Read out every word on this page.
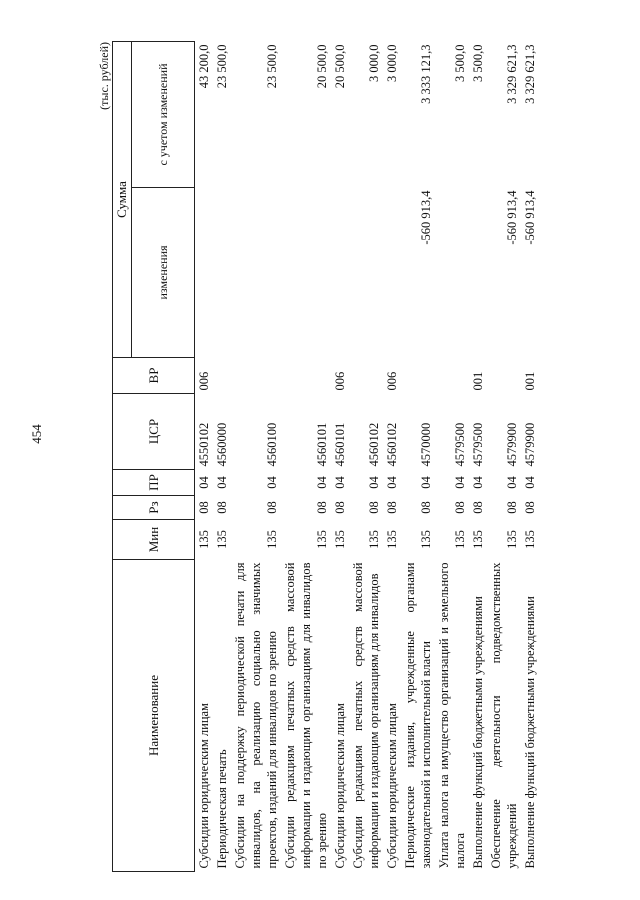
454
(тыс. рублей)
Наименование	Мин	Рз	ПР	ЦСР	ВР	Сумма	
						изменения	с учетом изменений
Субсидии юридическим лицам	135	08	04	4550102	006		43 200,0
Периодическая печать	135	08	04	4560000			23 500,0
Субсидии на поддержку периодической печати для инвалидов, на реализацию социально значимых проектов, изданий для инвалидов по зрению	135	08	04	4560100			23 500,0
Субсидии редакциям печатных средств массовой информации и издающим организациям для инвалидов по зрению	135	08	04	4560101			20 500,0
Субсидии юридическим лицам	135	08	04	4560101	006		20 500,0
Субсидии редакциям печатных средств массовой информации и издающим организациям для инвалидов	135	08	04	4560102			3 000,0
Субсидии юридическим лицам	135	08	04	4560102	006		3 000,0
Периодические издания, учрежденные органами законодательной и исполнительной власти	135	08	04	4570000		-560 913,4	3 333 121,3
Уплата налога на имущество организаций и земельного налога	135	08	04	4579500			3 500,0
Выполнение функций бюджетными учреждениями	135	08	04	4579500	001		3 500,0
Обеспечение деятельности подведомственных учреждений	135	08	04	4579900		-560 913,4	3 329 621,3
Выполнение функций бюджетными учреждениями	135	08	04	4579900	001	-560 913,4	3 329 621,3
